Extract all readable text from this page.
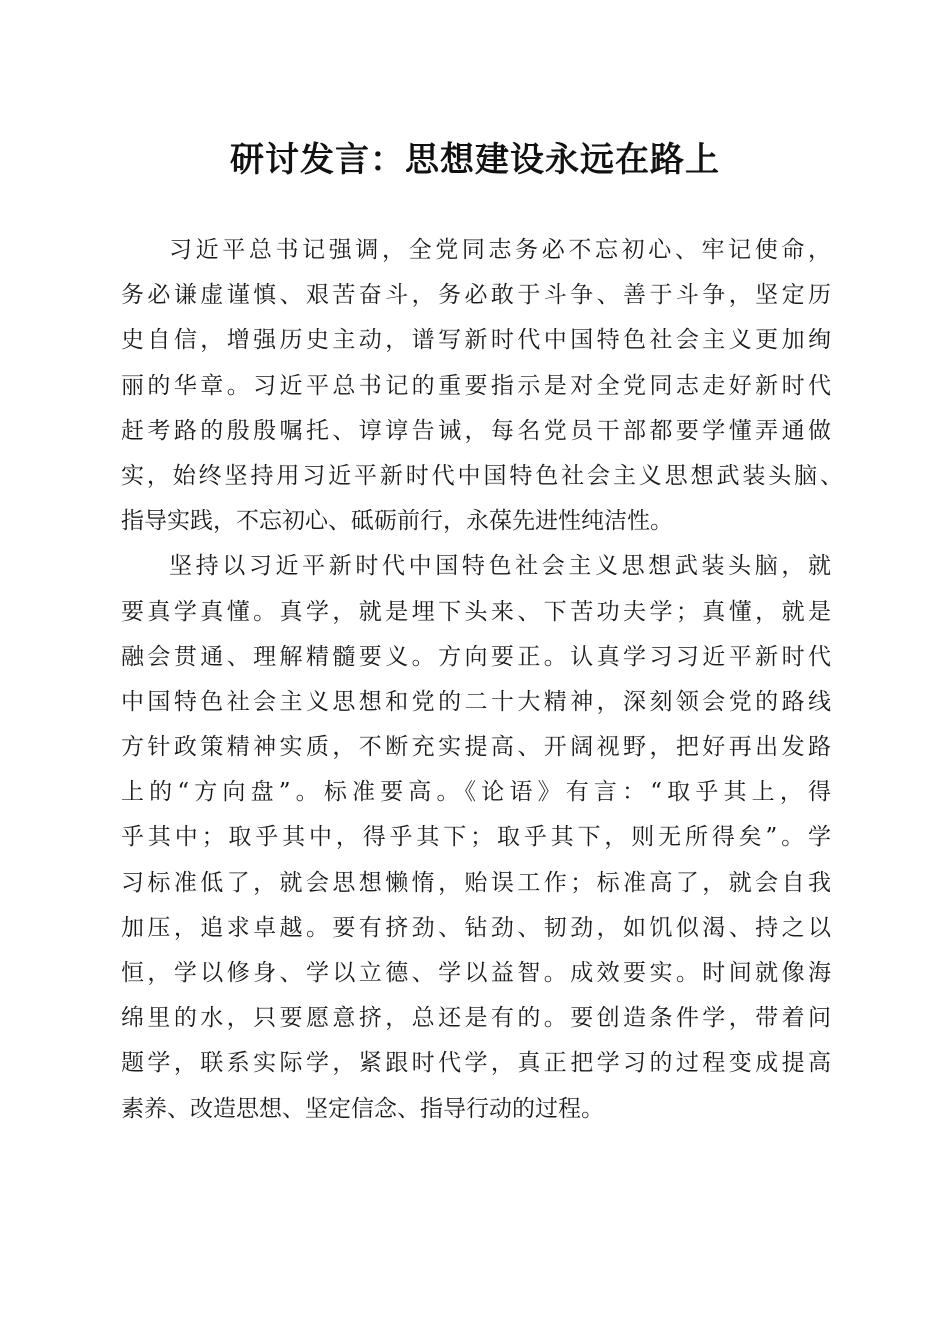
研讨发言：思想建设永远在路上
习近平总书记强调，全党同志务必不忘初心、牢记使命，
务必谦虚谨慎、艰苦奋斗，务必敢于斗争、善于斗争，坚定历
史自信，增强历史主动，谱写新时代中国特色社会主义更加绚
丽的华章。习近平总书记的重要指示是对全党同志走好新时代
赶考路的殷殷嘱托、谆谆告诫，每名党员干部都要学懂弄通做
实，始终坚持用习近平新时代中国特色社会主义思想武装头脑、
指导实践，不忘初心、砥砺前行，永葆先进性纯洁性。
坚持以习近平新时代中国特色社会主义思想武装头脑，就
要真学真懂。真学，就是埋下头来、下苦功夫学；真懂，就是
融会贯通、理解精髓要义。方向要正。认真学习习近平新时代
中国特色社会主义思想和党的二十大精神，深刻领会党的路线
方针政策精神实质，不断充实提高、开阔视野，把好再出发路
上的“方向盘”。标准要高。《论语》有言：“取乎其上，得
乎其中；取乎其中，得乎其下；取乎其下，则无所得矣”。学
习标准低了，就会思想懒惰，贻误工作；标准高了，就会自我
加压，追求卓越。要有挤劲、钻劲、韧劲，如饥似渴、持之以
恒，学以修身、学以立德、学以益智。成效要实。时间就像海
绵里的水，只要愿意挤，总还是有的。要创造条件学，带着问
题学，联系实际学，紧跟时代学，真正把学习的过程变成提高
素养、改造思想、坚定信念、指导行动的过程。
